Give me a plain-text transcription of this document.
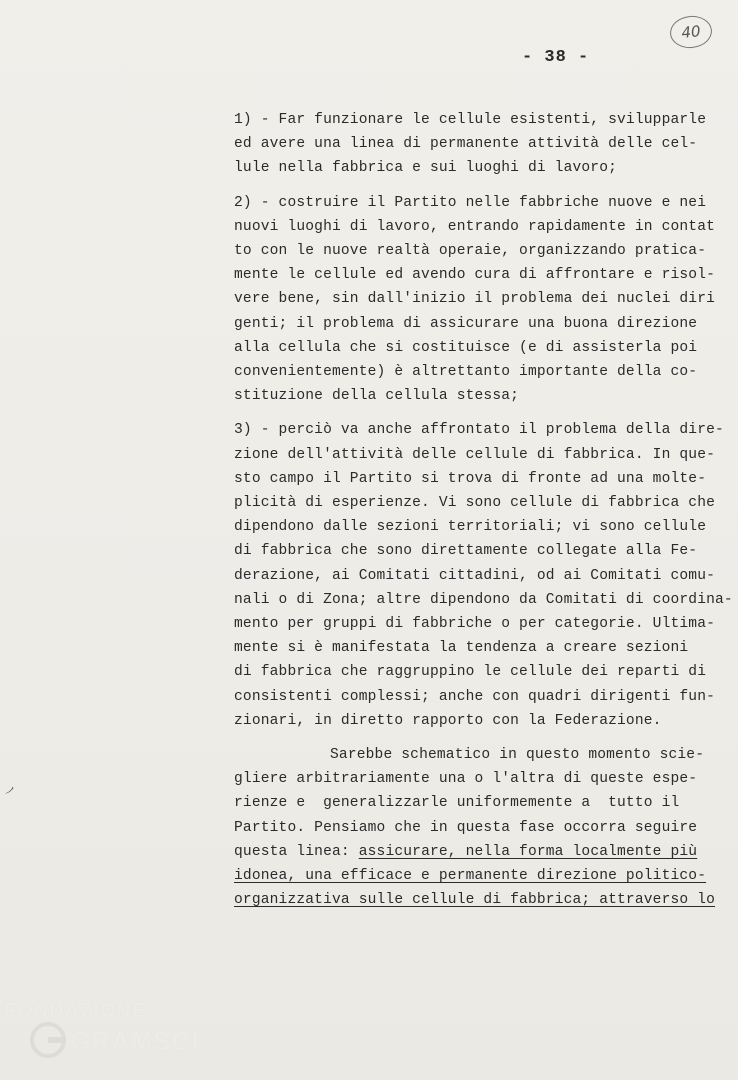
40
- 38 -
1) - Far funzionare le cellule esistenti, svilupparle
ed avere una linea di permanente attività delle cel-
lule nella fabbrica e sui luoghi di lavoro;
2) - costruire il Partito nelle fabbriche nuove e nei
nuovi luoghi di lavoro, entrando rapidamente in contat
to con le nuove realtà operaie, organizzando pratica-
mente le cellule ed avendo cura di affrontare e risol-
vere bene, sin dall'inizio il problema dei nuclei diri
genti; il problema di assicurare una buona direzione
alla cellula che si costituisce (e di assisterla poi
convenientemente) è altrettanto importante della co-
stituzione della cellula stessa;
3) - perciò va anche affrontato il problema della dire-
zione dell'attività delle cellule di fabbrica. In que-
sto campo il Partito si trova di fronte ad una molte-
plicità di esperienze. Vi sono cellule di fabbrica che
dipendono dalle sezioni territoriali; vi sono cellule
di fabbrica che sono direttamente collegate alla Fe-
derazione, ai Comitati cittadini, od ai Comitati comu-
nali o di Zona; altre dipendono da Comitati di coordina-
mento per gruppi di fabbriche o per categorie. Ultima-
mente si è manifestata la tendenza a creare sezioni
di fabbrica che raggruppino le cellule dei reparti di
consistenti complessi; anche con quadri dirigenti fun-
zionari, in diretto rapporto con la Federazione.
Sarebbe schematico in questo momento scie-
gliere arbitrariamente una o l'altra di queste espe-
rienze e  generalizzarle uniformemente a  tutto il
Partito. Pensiamo che in questa fase occorra seguire
questa linea: assicurare, nella forma localmente più
idonea, una efficace e permanente direzione politico-
organizzativa sulle cellule di fabbrica; attraverso lo
ﾉ
FONDAZIONE
GRAMSCI
